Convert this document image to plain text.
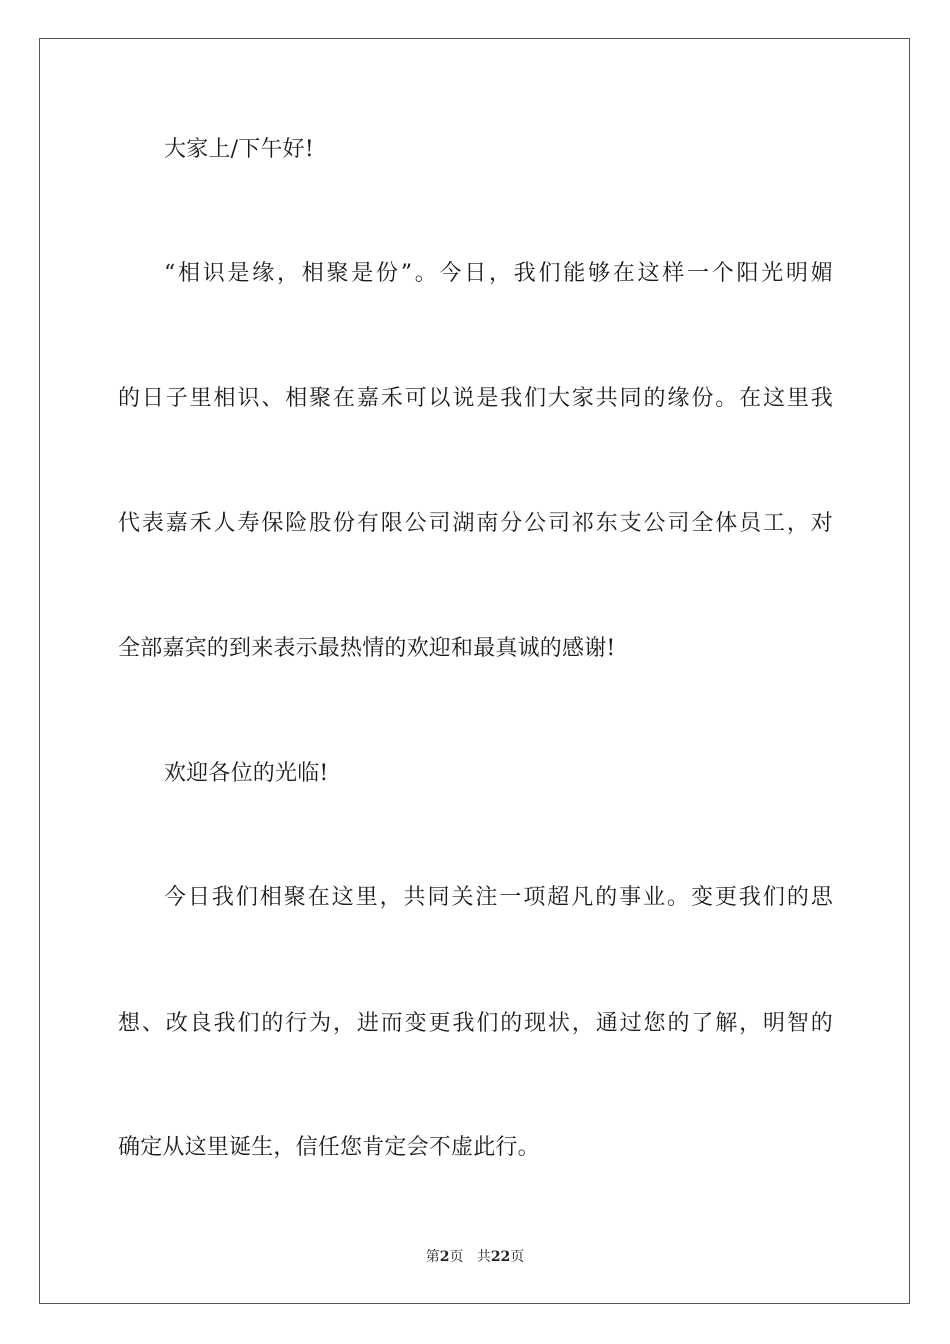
大家上/下午好!
“相识是缘，相聚是份”。今日，我们能够在这样一个阳光明媚
的日子里相识、相聚在嘉禾可以说是我们大家共同的缘份。在这里我
代表嘉禾人寿保险股份有限公司湖南分公司祁东支公司全体员工，对
全部嘉宾的到来表示最热情的欢迎和最真诚的感谢!
欢迎各位的光临!
今日我们相聚在这里，共同关注一项超凡的事业。变更我们的思
想、改良我们的行为，进而变更我们的现状，通过您的了解，明智的
确定从这里诞生，信任您肯定会不虚此行。
第2页 共22页
